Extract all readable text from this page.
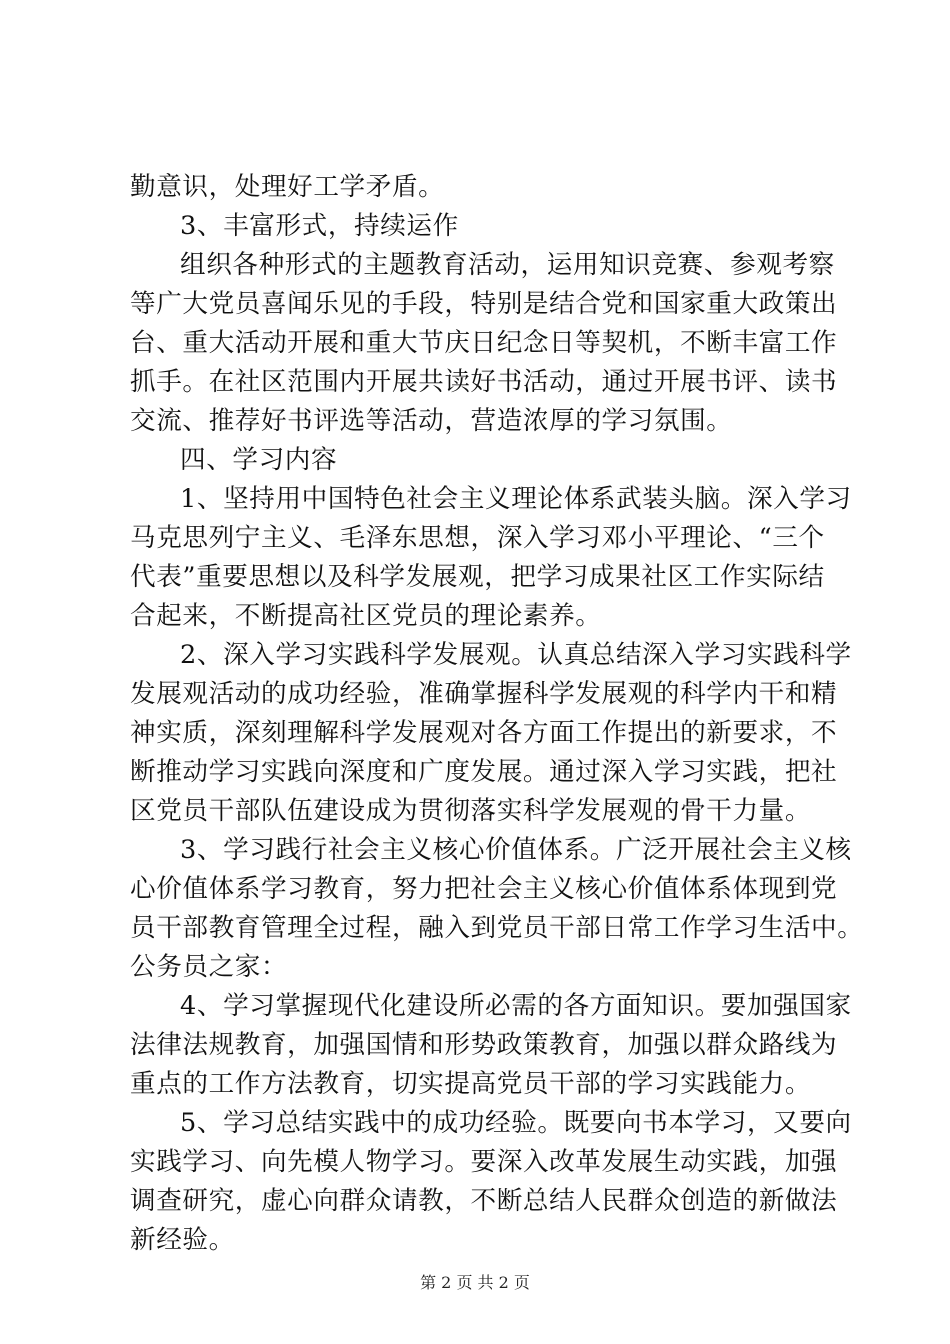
勤意识，处理好工学矛盾。
3、丰富形式，持续运作
组织各种形式的主题教育活动，运用知识竞赛、参观考察
等广大党员喜闻乐见的手段，特别是结合党和国家重大政策出
台、重大活动开展和重大节庆日纪念日等契机，不断丰富工作
抓手。在社区范围内开展共读好书活动，通过开展书评、读书
交流、推荐好书评选等活动，营造浓厚的学习氛围。
四、学习内容
1、坚持用中国特色社会主义理论体系武装头脑。深入学习
马克思列宁主义、毛泽东思想，深入学习邓小平理论、“三个
代表”重要思想以及科学发展观，把学习成果社区工作实际结
合起来，不断提高社区党员的理论素养。
2、深入学习实践科学发展观。认真总结深入学习实践科学
发展观活动的成功经验，准确掌握科学发展观的科学内干和精
神实质，深刻理解科学发展观对各方面工作提出的新要求，不
断推动学习实践向深度和广度发展。通过深入学习实践，把社
区党员干部队伍建设成为贯彻落实科学发展观的骨干力量。
3、学习践行社会主义核心价值体系。广泛开展社会主义核
心价值体系学习教育，努力把社会主义核心价值体系体现到党
员干部教育管理全过程，融入到党员干部日常工作学习生活中。
公务员之家：
4、学习掌握现代化建设所必需的各方面知识。要加强国家
法律法规教育，加强国情和形势政策教育，加强以群众路线为
重点的工作方法教育，切实提高党员干部的学习实践能力。
5、学习总结实践中的成功经验。既要向书本学习，又要向
实践学习、向先模人物学习。要深入改革发展生动实践，加强
调查研究，虚心向群众请教，不断总结人民群众创造的新做法
新经验。
第 2 页 共 2 页
